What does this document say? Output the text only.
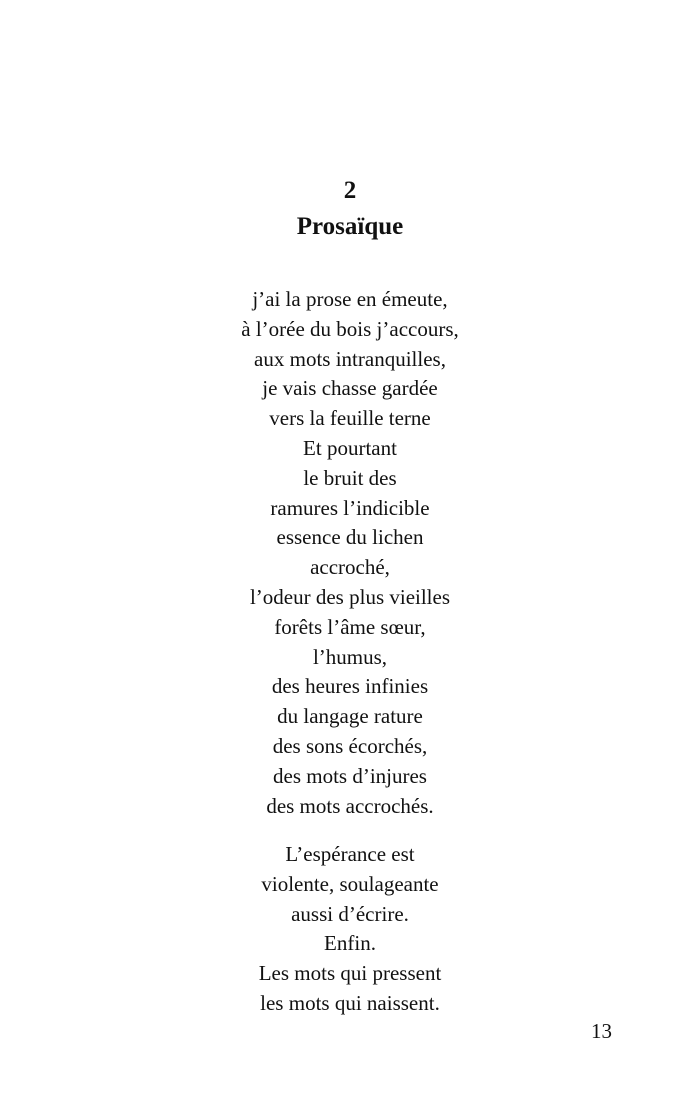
2
Prosaïque
j’ai la prose en émeute,
à l’orée du bois j’accours,
aux mots intranquilles,
je vais chasse gardée
vers la feuille terne
Et pourtant
le bruit des
ramures l’indicible
essence du lichen
accroché,
l’odeur des plus vieilles
forêts l’âme sœur,
l’humus,
des heures infinies
du langage rature
des sons écorchés,
des mots d’injures
des mots accrochés.
L’espérance est
violente, soulageante
aussi d’écrire.
Enfin.
Les mots qui pressent
les mots qui naissent.
13
